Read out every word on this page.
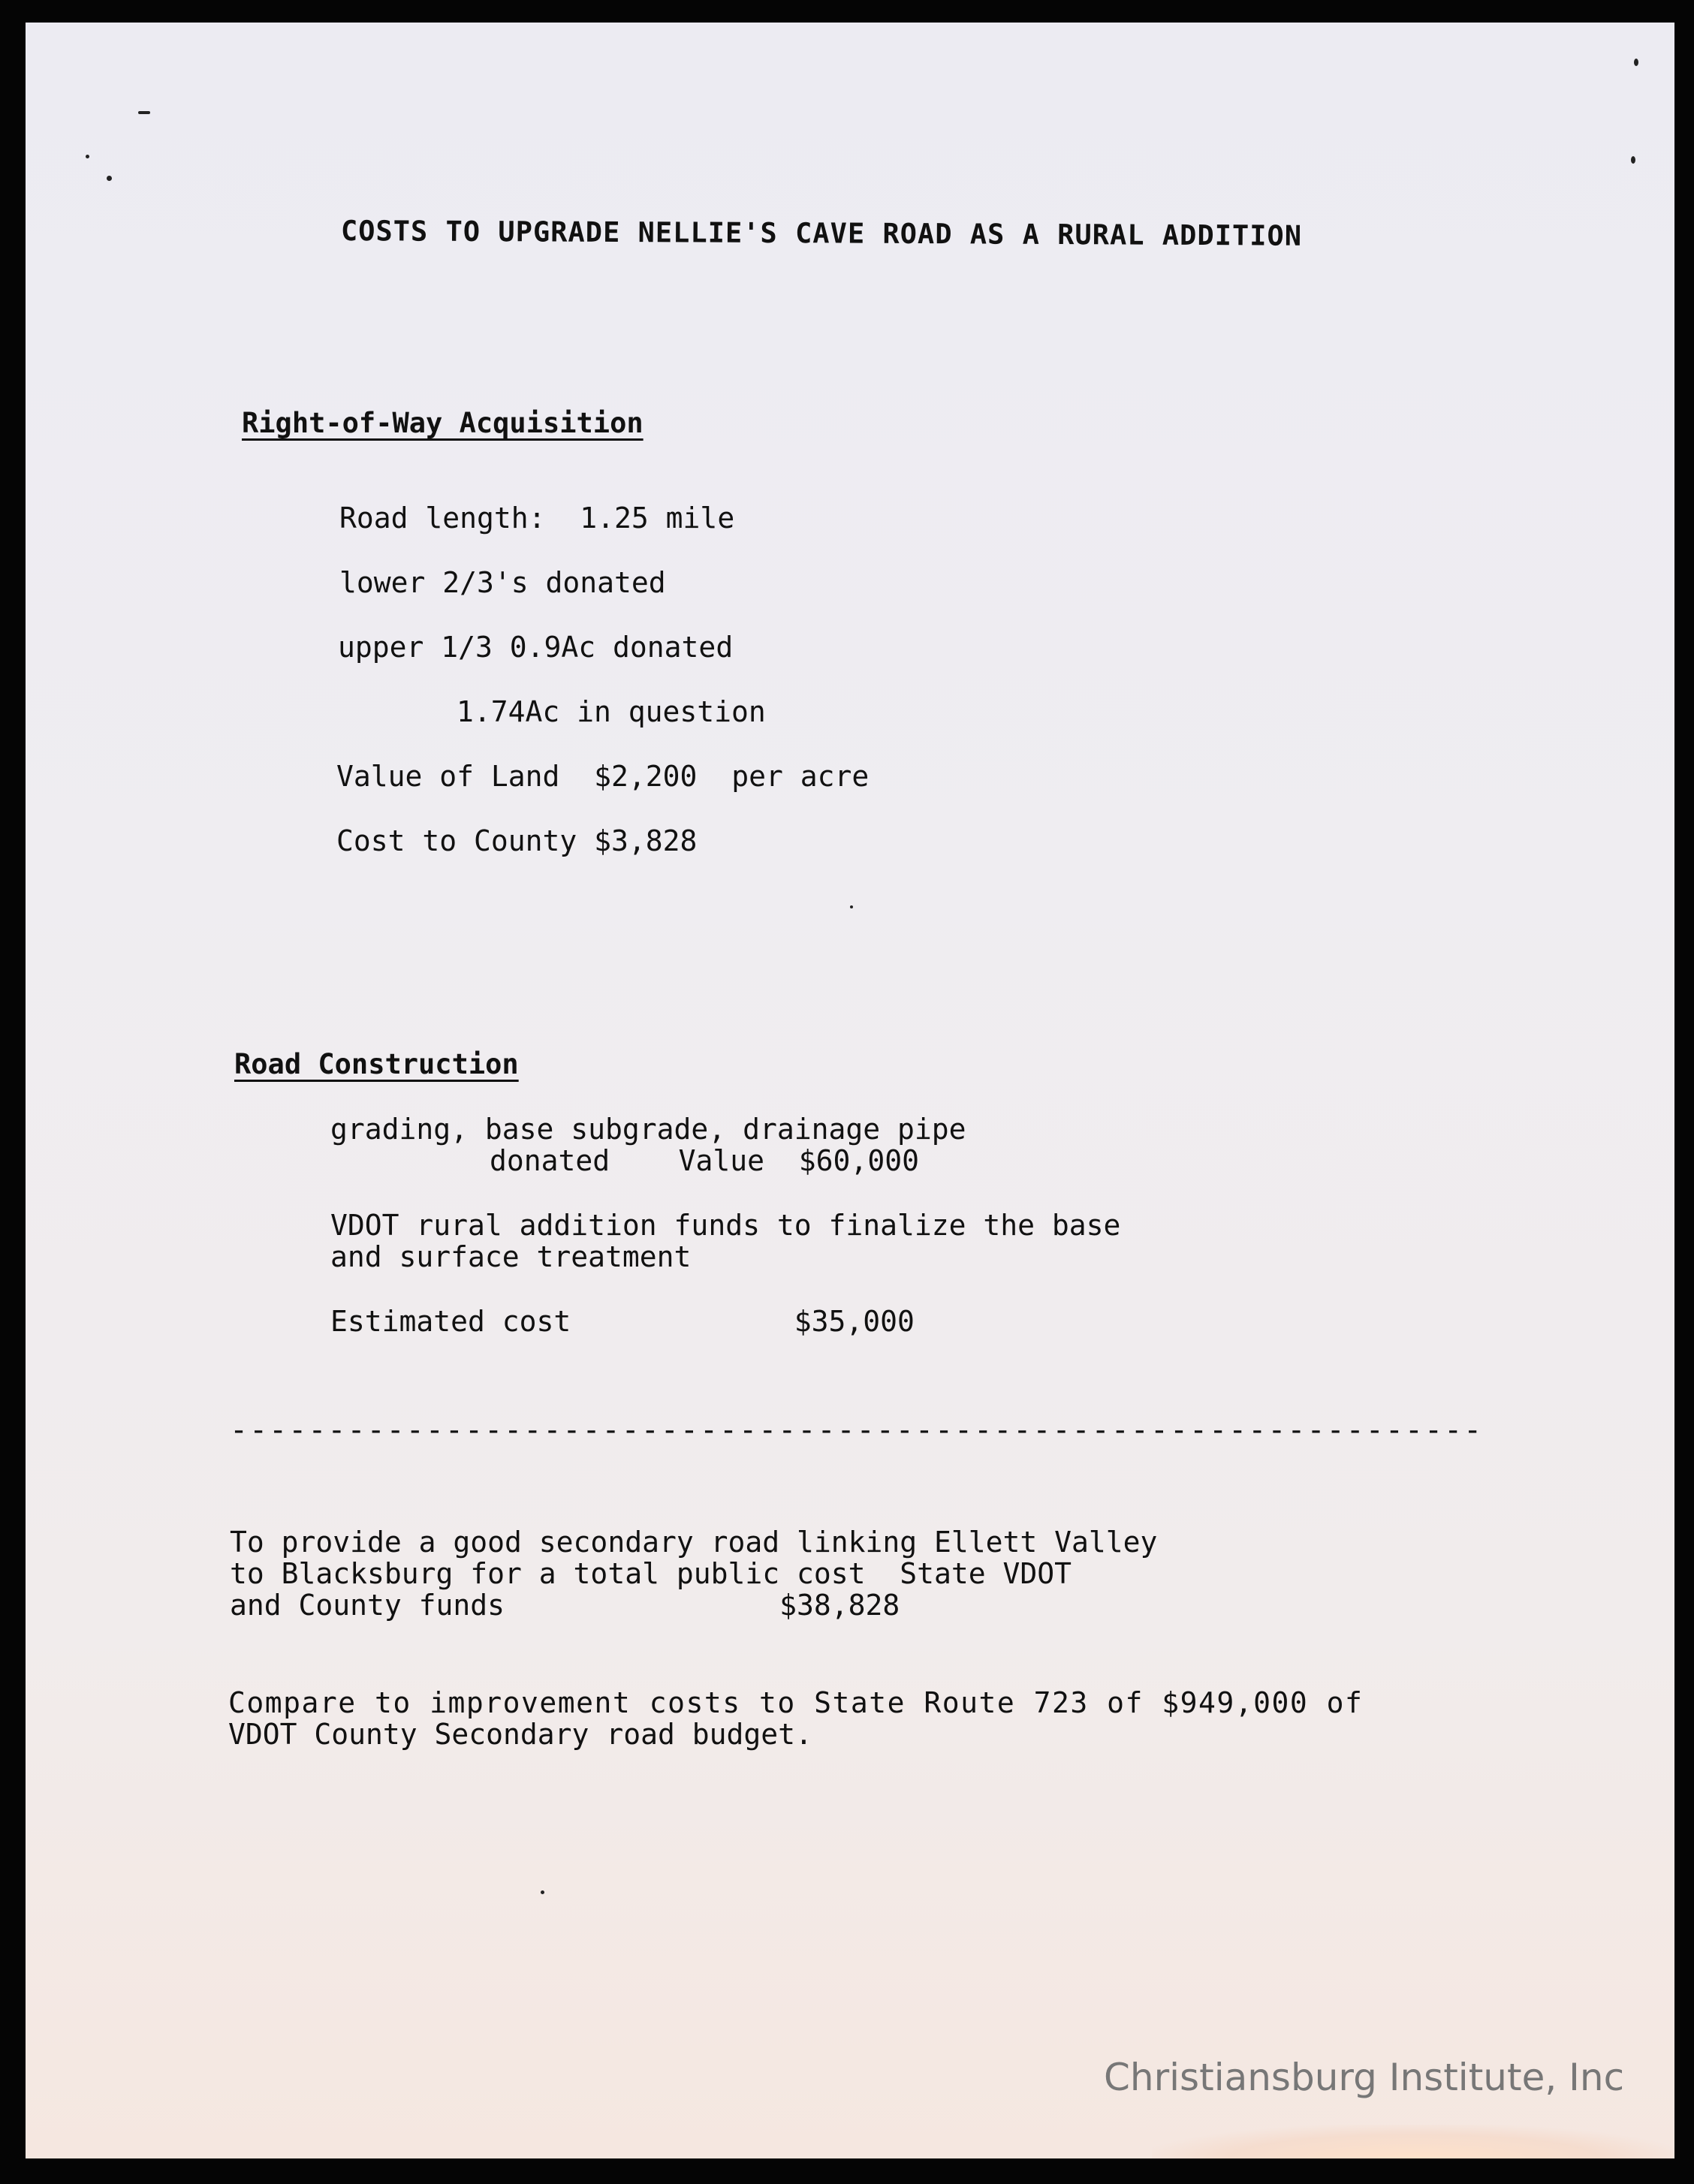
COSTS TO UPGRADE NELLIE'S CAVE ROAD AS A RURAL ADDITION
Right-of-Way Acquisition
Road length:  1.25 mile
lower 2/3's donated
upper 1/3 0.9Ac donated
1.74Ac in question
Value of Land  $2,200  per acre
Cost to County $3,828
Road Construction
grading, base subgrade, drainage pipe
donated    Value  $60,000
VDOT rural addition funds to finalize the base
and surface treatment
Estimated cost             $35,000
----------------------------------------------------------------
To provide a good secondary road linking Ellett Valley
to Blacksburg for a total public cost  State VDOT
and County funds                $38,828
Compare to improvement costs to State Route 723 of $949,000 of
VDOT County Secondary road budget.
Christiansburg Institute, Inc
